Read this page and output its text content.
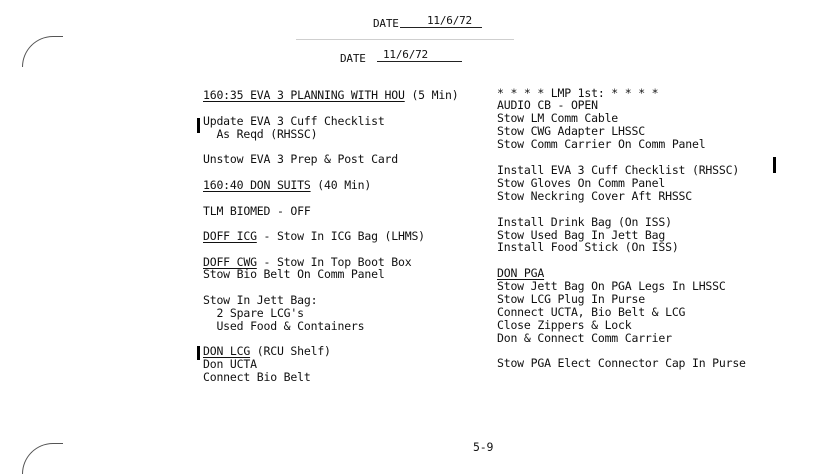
DATE	11/6/72
DATE 11/6/72
160:35 EVA 3 PLANNING WITH HOU (5 Min)
Update EVA 3 Cuff Checklist
As Reqd (RHSSC)
Unstow EVA 3 Prep & Post Card
160:40 DON SUITS (40 Min)
TLM BIOMED - OFF
DOFF ICG - Stow In ICG Bag (LHMS)
DOFF CWG - Stow In Top Boot Box
Stow Bio Belt On Comm Panel
Stow In Jett Bag:
2 Spare LCG's
Used Food & Containers
DON LCG (RCU Shelf)
Don UCTA
Connect Bio Belt
* * * * LMP 1st: * * * *
AUDIO CB - OPEN
Stow LM Comm Cable
Stow CWG Adapter LHSSC
Stow Comm Carrier On Comm Panel
Install EVA 3 Cuff Checklist (RHSSC)
Stow Gloves On Comm Panel
Stow Neckring Cover Aft RHSSC
Install Drink Bag (On ISS)
Stow Used Bag In Jett Bag
Install Food Stick (On ISS)
DON PGA
Stow Jett Bag On PGA Legs In LHSSC
Stow LCG Plug In Purse
Connect UCTA, Bio Belt & LCG
Close Zippers & Lock
Don & Connect Comm Carrier
Stow PGA Elect Connector Cap In Purse
5-9
